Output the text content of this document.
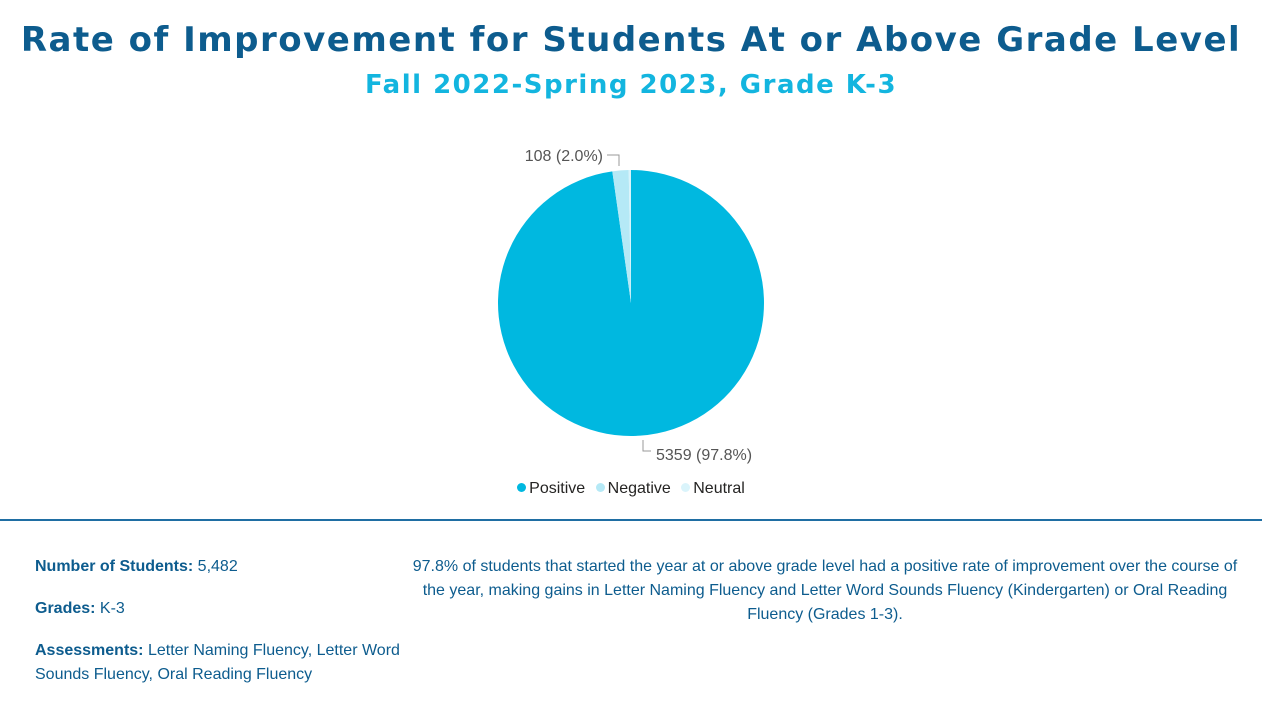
Rate of Improvement for Students At or Above Grade Level
Fall 2022-Spring 2023, Grade K-3
108 (2.0%)
5359 (97.8%)
Positive Negative Neutral

Number of Students: 5,482

Grades: K-3

Assessments: Letter Naming Fluency, Letter Word Sounds Fluency, Oral Reading Fluency

97.8% of students that started the year at or above grade level had a positive rate of improvement over the course of the year, making gains in Letter Naming Fluency and Letter Word Sounds Fluency (Kindergarten) or Oral Reading Fluency (Grades 1-3).
